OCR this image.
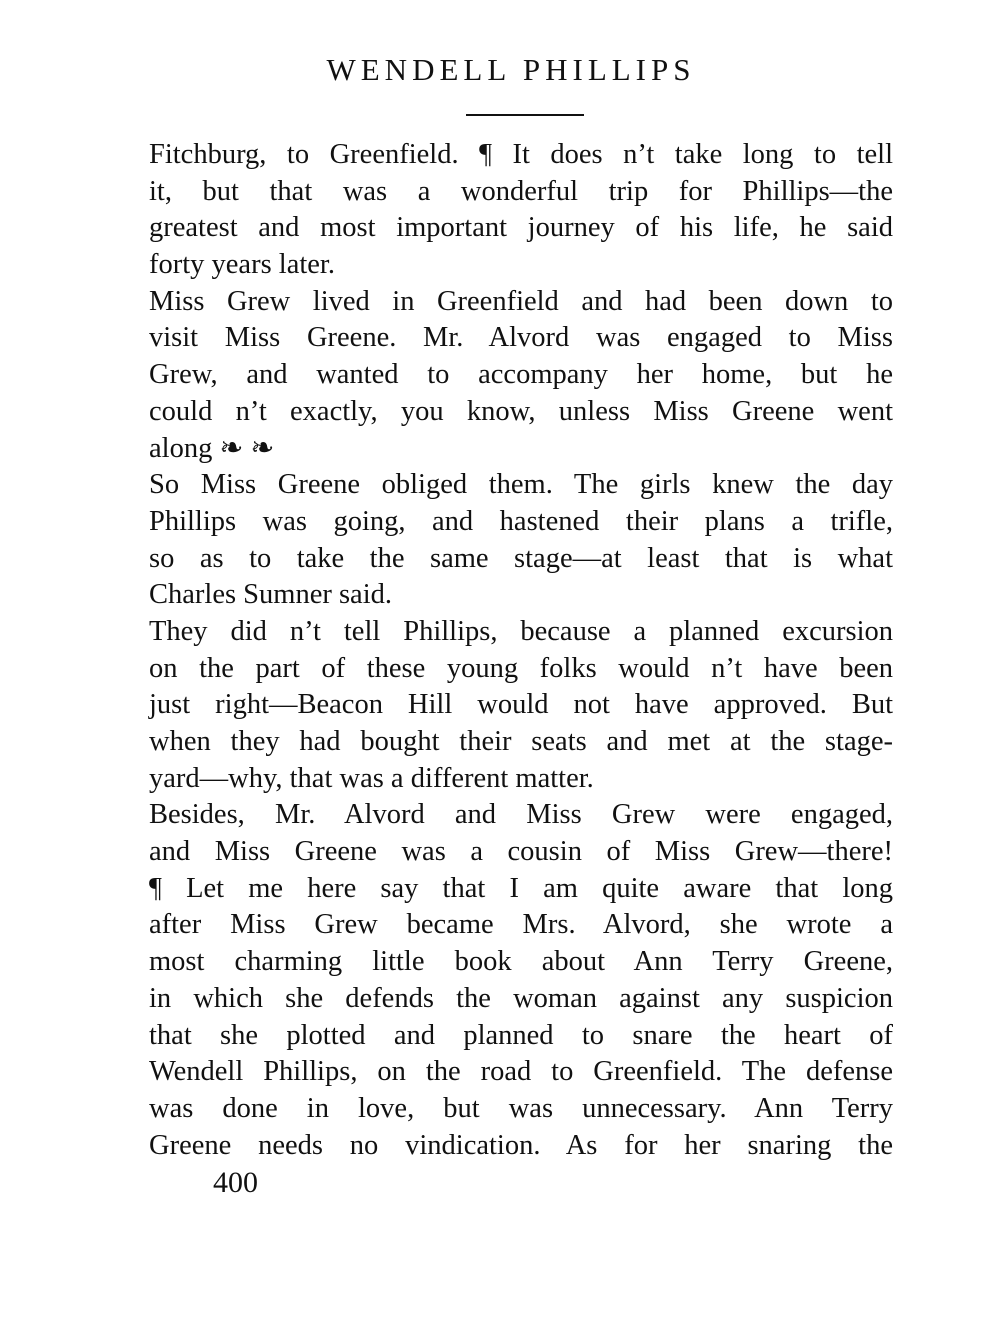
WENDELL PHILLIPS
Fitchburg, to Greenfield. ¶ It does n’t take long to tell
it, but that was a wonderful trip for Phillips—the
greatest and most important journey of his life, he said
forty years later.
Miss Grew lived in Greenfield and had been down to
visit Miss Greene. Mr. Alvord was engaged to Miss
Grew, and wanted to accompany her home, but he
could n’t exactly, you know, unless Miss Greene went
along ❧ ❧
So Miss Greene obliged them. The girls knew the day
Phillips was going, and hastened their plans a trifle,
so as to take the same stage—at least that is what
Charles Sumner said.
They did n’t tell Phillips, because a planned excursion
on the part of these young folks would n’t have been
just right—Beacon Hill would not have approved. But
when they had bought their seats and met at the stage-
yard—why, that was a different matter.
Besides, Mr. Alvord and Miss Grew were engaged,
and Miss Greene was a cousin of Miss Grew—there!
¶ Let me here say that I am quite aware that long
after Miss Grew became Mrs. Alvord, she wrote a
most charming little book about Ann Terry Greene,
in which she defends the woman against any suspicion
that she plotted and planned to snare the heart of
Wendell Phillips, on the road to Greenfield. The defense
was done in love, but was unnecessary. Ann Terry
Greene needs no vindication. As for her snaring the
400
